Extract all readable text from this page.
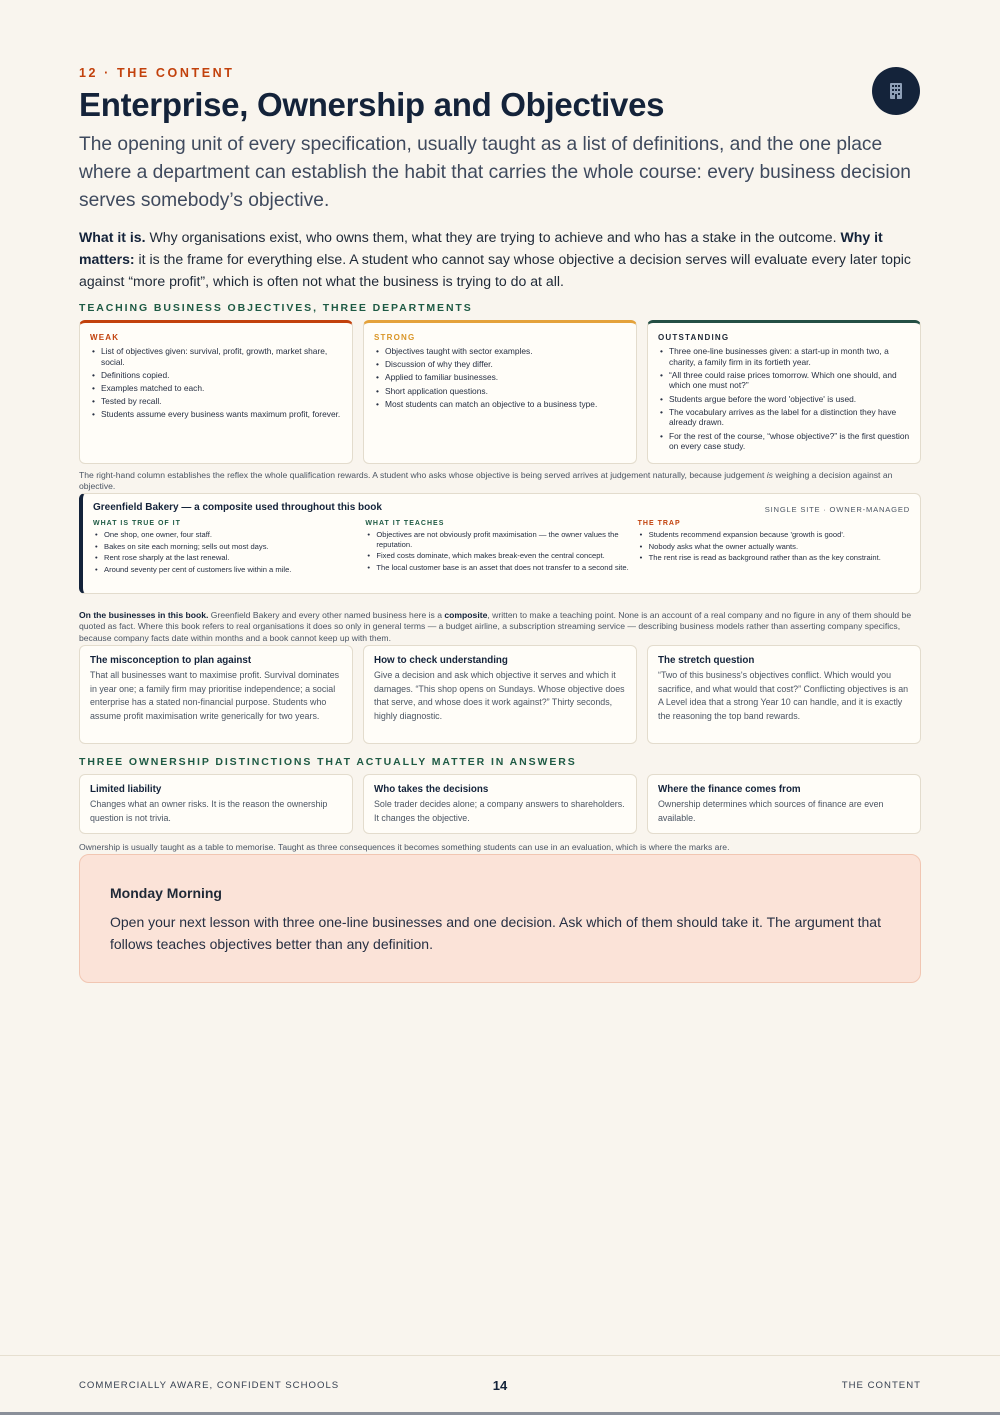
12 · THE CONTENT
Enterprise, Ownership and Objectives

The opening unit of every specification, usually taught as a list of definitions, and the one place where a department can establish the habit that carries the whole course: every business decision serves somebody’s objective.

What it is. Why organisations exist, who owns them, what they are trying to achieve and who has a stake in the outcome. Why it matters: it is the frame for everything else. A student who cannot say whose objective a decision serves will evaluate every later topic against “more profit”, which is often not what the business is trying to do at all.

TEACHING BUSINESS OBJECTIVES, THREE DEPARTMENTS
WEAK
• List of objectives given: survival, profit, growth, market share, social.
• Definitions copied.
• Examples matched to each.
• Tested by recall.
• Students assume every business wants maximum profit, forever.
STRONG
• Objectives taught with sector examples.
• Discussion of why they differ.
• Applied to familiar businesses.
• Short application questions.
• Most students can match an objective to a business type.
OUTSTANDING
• Three one-line businesses given: a start-up in month two, a charity, a family firm in its fortieth year.
• “All three could raise prices tomorrow. Which one should, and which one must not?”
• Students argue before the word 'objective' is used.
• The vocabulary arrives as the label for a distinction they have already drawn.
• For the rest of the course, “whose objective?” is the first question on every case study.

The right-hand column establishes the reflex the whole qualification rewards. A student who asks whose objective is being served arrives at judgement naturally, because judgement is weighing a decision against an objective.

Greenfield Bakery — a composite used throughout this book	SINGLE SITE · OWNER-MANAGED
WHAT IS TRUE OF IT
• One shop, one owner, four staff.
• Bakes on site each morning; sells out most days.
• Rent rose sharply at the last renewal.
• Around seventy per cent of customers live within a mile.
WHAT IT TEACHES
• Objectives are not obviously profit maximisation — the owner values the reputation.
• Fixed costs dominate, which makes break-even the central concept.
• The local customer base is an asset that does not transfer to a second site.
THE TRAP
• Students recommend expansion because 'growth is good'.
• Nobody asks what the owner actually wants.
• The rent rise is read as background rather than as the key constraint.

On the businesses in this book. Greenfield Bakery and every other named business here is a composite, written to make a teaching point. None is an account of a real company and no figure in any of them should be quoted as fact. Where this book refers to real organisations it does so only in general terms — a budget airline, a subscription streaming service — describing business models rather than asserting company specifics, because company facts date within months and a book cannot keep up with them.

The misconception to plan against
That all businesses want to maximise profit. Survival dominates in year one; a family firm may prioritise independence; a social enterprise has a stated non-financial purpose. Students who assume profit maximisation write generically for two years.
How to check understanding
Give a decision and ask which objective it serves and which it damages. “This shop opens on Sundays. Whose objective does that serve, and whose does it work against?” Thirty seconds, highly diagnostic.
The stretch question
“Two of this business's objectives conflict. Which would you sacrifice, and what would that cost?” Conflicting objectives is an A Level idea that a strong Year 10 can handle, and it is exactly the reasoning the top band rewards.
THREE OWNERSHIP DISTINCTIONS THAT ACTUALLY MATTER IN ANSWERS
Limited liability
Changes what an owner risks. It is the reason the ownership question is not trivia.
Who takes the decisions
Sole trader decides alone; a company answers to shareholders. It changes the objective.
Where the finance comes from
Ownership determines which sources of finance are even available.

Ownership is usually taught as a table to memorise. Taught as three consequences it becomes something students can use in an evaluation, which is where the marks are.

Monday Morning
Open your next lesson with three one-line businesses and one decision. Ask which of them should take it. The argument that follows teaches objectives better than any definition.
COMMERCIALLY AWARE, CONFIDENT SCHOOLS	14	THE CONTENT
